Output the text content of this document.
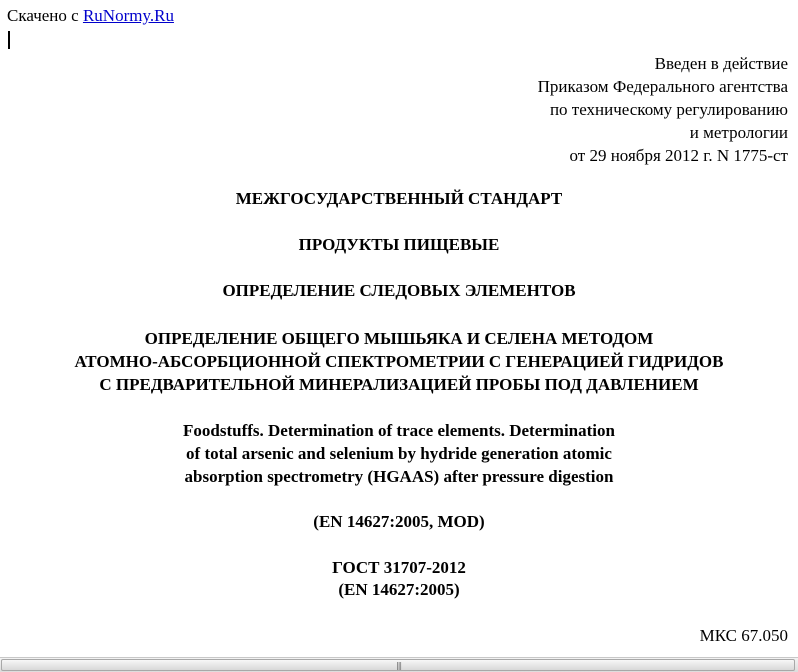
Скачено с RuNormy.Ru
Введен в действие
Приказом Федерального агентства
по техническому регулированию
и метрологии
от 29 ноября 2012 г. N 1775-ст
МЕЖГОСУДАРСТВЕННЫЙ СТАНДАРТ
ПРОДУКТЫ ПИЩЕВЫЕ
ОПРЕДЕЛЕНИЕ СЛЕДОВЫХ ЭЛЕМЕНТОВ
ОПРЕДЕЛЕНИЕ ОБЩЕГО МЫШЬЯКА И СЕЛЕНА МЕТОДОМ
АТОМНО-АБСОРБЦИОННОЙ СПЕКТРОМЕТРИИ С ГЕНЕРАЦИЕЙ ГИДРИДОВ
С ПРЕДВАРИТЕЛЬНОЙ МИНЕРАЛИЗАЦИЕЙ ПРОБЫ ПОД ДАВЛЕНИЕМ
Foodstuffs. Determination of trace elements. Determination
of total arsenic and selenium by hydride generation atomic
absorption spectrometry (HGAAS) after pressure digestion
(EN 14627:2005, MOD)
ГОСТ 31707-2012
(EN 14627:2005)
МКС 67.050
|||
